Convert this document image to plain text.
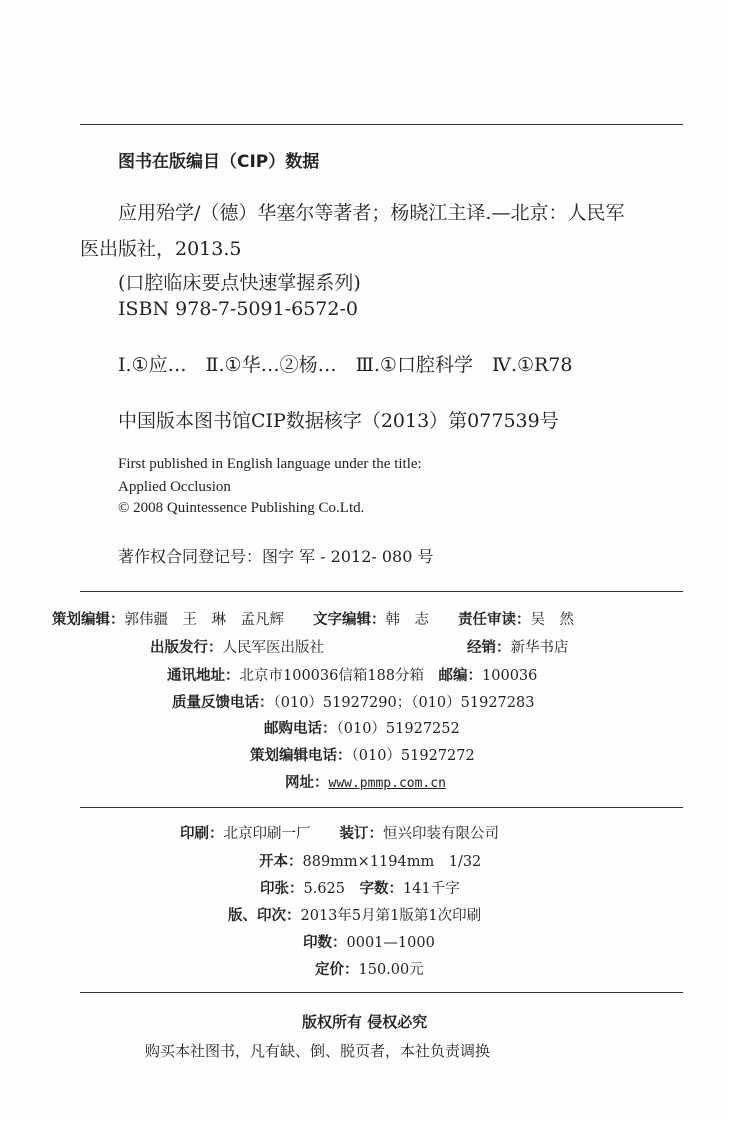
图书在版编目（CIP）数据
应用殆学/（德）华塞尔等著者；杨晓江主译.—北京：人民军
医出版社，2013.5
(口腔临床要点快速掌握系列)
ISBN 978-7-5091-6572-0
Ⅰ.①应…　Ⅱ.①华…②杨…　Ⅲ.①口腔科学　Ⅳ.①R78
中国版本图书馆CIP数据核字（2013）第077539号
First published in English language under the title:
Applied Occlusion
© 2008 Quintessence Publishing Co.Ltd.
著作权合同登记号：图字 军 - 2012- 080 号
策划编辑：郭伟疆　王　琳　孟凡辉　　 文字编辑：韩　志　　 责任审读：吴　然
出版发行：人民军医出版社	经销：新华书店
通讯地址：北京市100036信箱188分箱　 邮编：100036
质量反馈电话：（010）51927290；（010）51927283
邮购电话：（010）51927252
策划编辑电话：（010）51927272
网址：www.pmmp.com.cn
印刷：北京印刷一厂　　 装订：恒兴印装有限公司
开本：889mm×1194mm　1/32
印张：5.625　 字数：141千字
版、印次：2013年5月第1版第1次印刷
印数：0001—1000
定价：150.00元
版权所有 侵权必究
购买本社图书，凡有缺、倒、脱页者，本社负责调换
